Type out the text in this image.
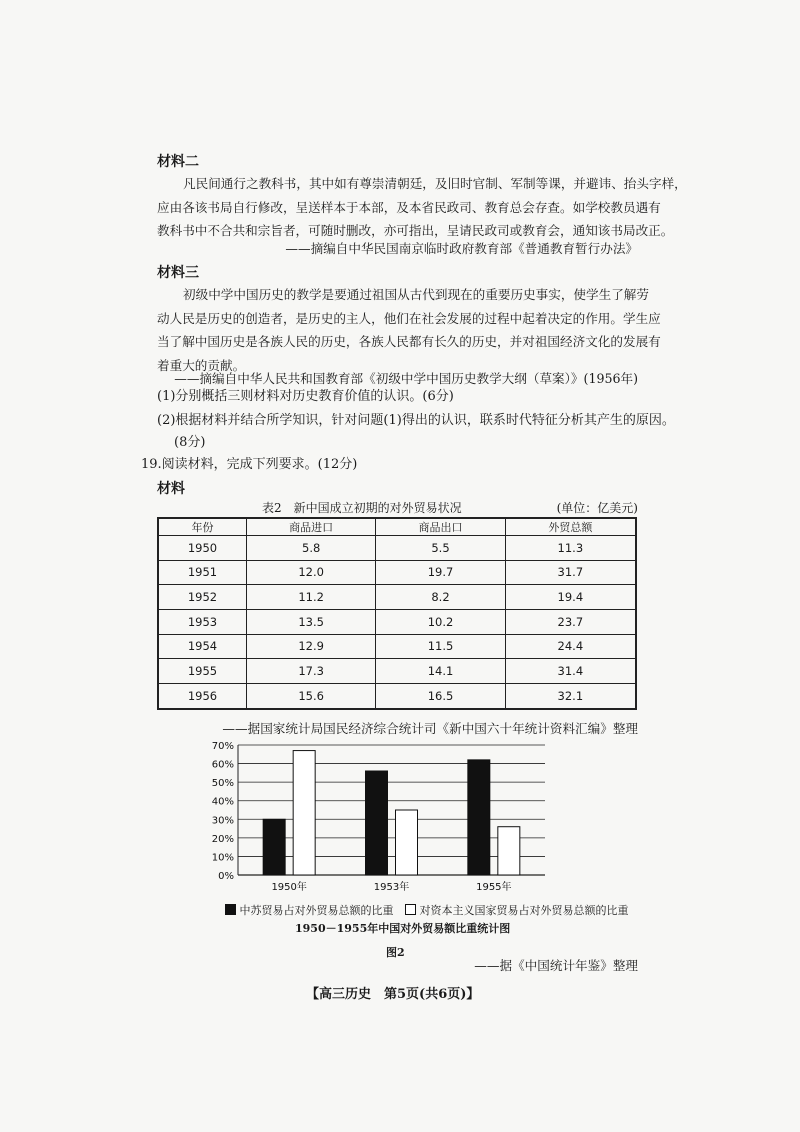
材料二
凡民间通行之教科书，其中如有尊崇清朝廷，及旧时官制、军制等课，并避讳、抬头字样，
应由各该书局自行修改，呈送样本于本部，及本省民政司、教育总会存查。如学校教员遇有
教科书中不合共和宗旨者，可随时删改，亦可指出，呈请民政司或教育会，通知该书局改正。
——摘编自中华民国南京临时政府教育部《普通教育暂行办法》
材料三
初级中学中国历史的教学是要通过祖国从古代到现在的重要历史事实，使学生了解劳
动人民是历史的创造者，是历史的主人，他们在社会发展的过程中起着决定的作用。学生应
当了解中国历史是各族人民的历史，各族人民都有长久的历史，并对祖国经济文化的发展有
着重大的贡献。
——摘编自中华人民共和国教育部《初级中学中国历史教学大纲（草案）》(1956年)
(1)分别概括三则材料对历史教育价值的认识。(6分)
(2)根据材料并结合所学知识，针对问题(1)得出的认识，联系时代特征分析其产生的原因。
(8分)
19.阅读材料，完成下列要求。(12分)
材料
表2　新中国成立初期的对外贸易状况	(单位：亿美元)
年份	商品进口	商品出口	外贸总额
1950	5.8	5.5	11.3
1951	12.0	19.7	31.7
1952	11.2	8.2	19.4
1953	13.5	10.2	23.7
1954	12.9	11.5	24.4
1955	17.3	14.1	31.4
1956	15.6	16.5	32.1
——据国家统计局国民经济综合统计司《新中国六十年统计资料汇编》整理
0%
10%
20%
30%
40%
50%
60%
70%
1950年	1953年	1955年
中苏贸易占对外贸易总额的比重 对资本主义国家贸易占对外贸易总额的比重
1950－1955年中国对外贸易额比重统计图
图2
——据《中国统计年鉴》整理
【高三历史　第5页(共6页)】
